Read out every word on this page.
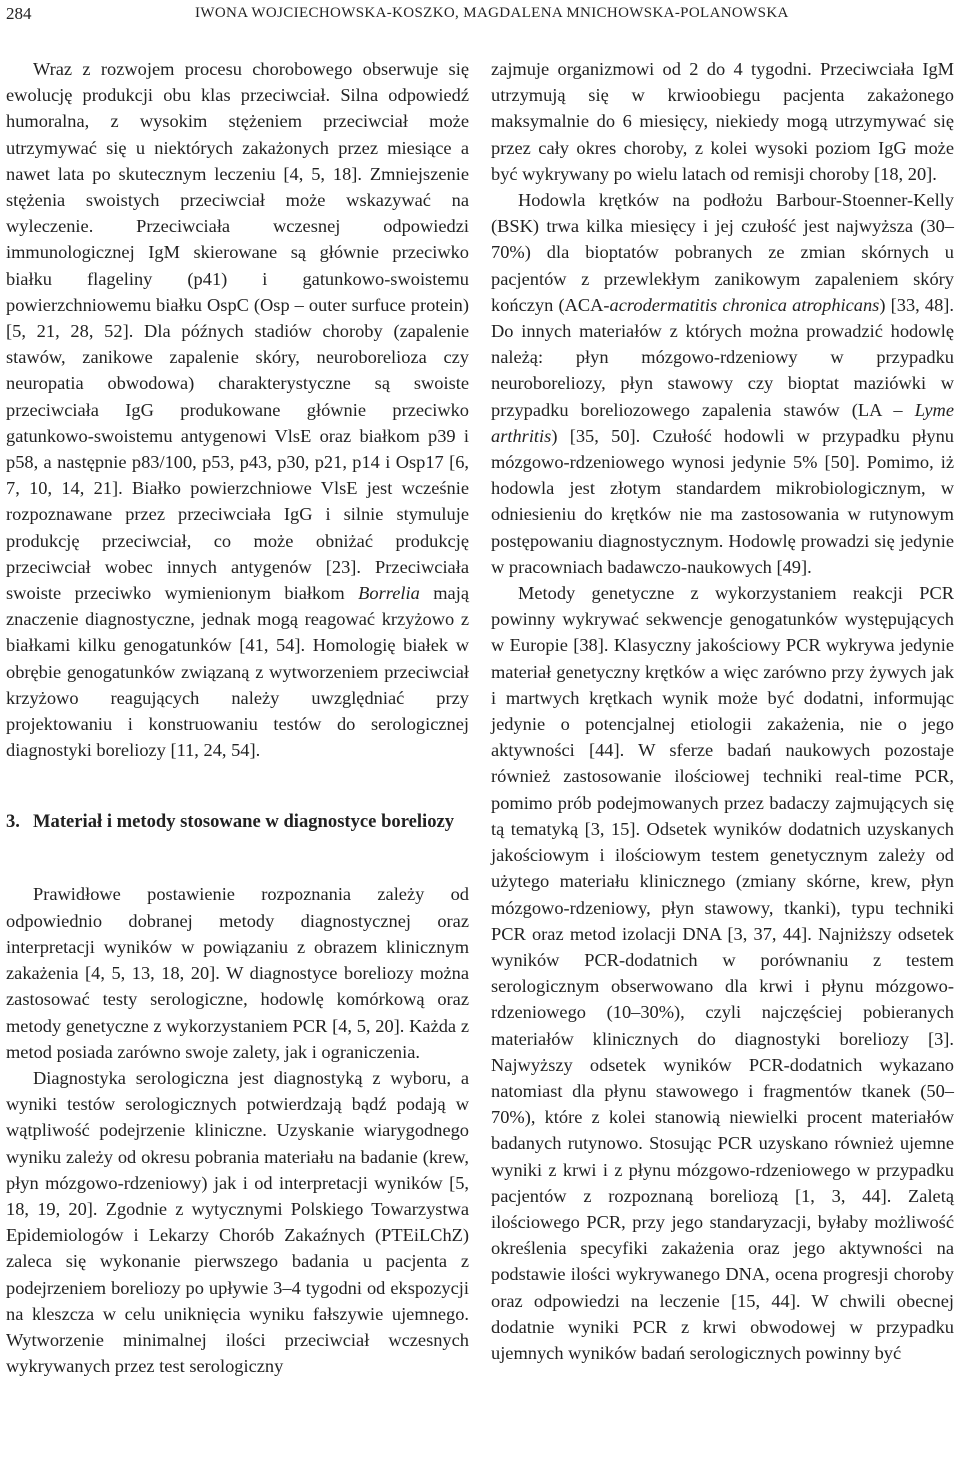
284	IWONA WOJCIECHOWSKA-KOSZKO, MAGDALENA MNICHOWSKA-POLANOWSKA

Wraz z rozwojem procesu chorobowego obserwuje się ewolucję produkcji obu klas przeciwciał. Silna odpowiedź humoralna, z wysokim stężeniem przeciwciał może utrzymywać się u niektórych zakażonych przez miesiące a nawet lata po skutecznym leczeniu [4, 5, 18]. Zmniejszenie stężenia swoistych przeciwciał może wskazywać na wyleczenie. Przeciwciała wczesnej odpowiedzi immunologicznej IgM skierowane są głównie przeciwko białku flageliny (p41) i gatunkowo-swoistemu powierzchniowemu białku OspC (Osp – outer surfuce protein) [5, 21, 28, 52]. Dla późnych stadiów choroby (zapalenie stawów, zanikowe zapalenie skóry, neuroborelioza czy neuropatia obwodowa) charakterystyczne są swoiste przeciwciała IgG produkowane głównie przeciwko gatunkowo-swoistemu antygenowi VlsE oraz białkom p39 i p58, a następnie p83/100, p53, p43, p30, p21, p14 i Osp17 [6, 7, 10, 14, 21]. Białko powierzchniowe VlsE jest wcześnie rozpoznawane przez przeciwciała IgG i silnie stymuluje produkcję przeciwciał, co może obniżać produkcję przeciwciał wobec innych antygenów [23]. Przeciwciała swoiste przeciwko wymienionym białkom Borrelia mają znaczenie diagnostyczne, jednak mogą reagować krzyżowo z białkami kilku genogatunków [41, 54]. Homologię białek w obrębie genogatunków związaną z wytworzeniem przeciwciał krzyżowo reagujących należy uwzględniać przy projektowaniu i konstruowaniu testów do serologicznej diagnostyki boreliozy [11, 24, 54].

3. Materiał i metody stosowane w diagnostyce boreliozy

Prawidłowe postawienie rozpoznania zależy od odpowiednio dobranej metody diagnostycznej oraz interpretacji wyników w powiązaniu z obrazem klinicznym zakażenia [4, 5, 13, 18, 20]. W diagnostyce boreliozy można zastosować testy serologiczne, hodowlę komórkową oraz metody genetyczne z wykorzystaniem PCR [4, 5, 20]. Każda z metod posiada zarówno swoje zalety, jak i ograniczenia.

Diagnostyka serologiczna jest diagnostyką z wyboru, a wyniki testów serologicznych potwierdzają bądź podają w wątpliwość podejrzenie kliniczne. Uzyskanie wiarygodnego wyniku zależy od okresu pobrania materiału na badanie (krew, płyn mózgowo-rdzeniowy) jak i od interpretacji wyników [5, 18, 19, 20]. Zgodnie z wytycznymi Polskiego Towarzystwa Epidemiologów i Lekarzy Chorób Zakaźnych (PTEiLChZ) zaleca się wykonanie pierwszego badania u pacjenta z podejrzeniem boreliozy po upływie 3–4 tygodni od ekspozycji na kleszcza w celu uniknięcia wyniku fałszywie ujemnego. Wytworzenie minimalnej ilości przeciwciał wczesnych wykrywanych przez test serologiczny

zajmuje organizmowi od 2 do 4 tygodni. Przeciwciała IgM utrzymują się w krwioobiegu pacjenta zakażonego maksymalnie do 6 miesięcy, niekiedy mogą utrzymywać się przez cały okres choroby, z kolei wysoki poziom IgG może być wykrywany po wielu latach od remisji choroby [18, 20].

Hodowla krętków na podłożu Barbour-Stoenner-Kelly (BSK) trwa kilka miesięcy i jej czułość jest najwyższa (30–70%) dla bioptatów pobranych ze zmian skórnych u pacjentów z przewlekłym zanikowym zapaleniem skóry kończyn (ACA-acrodermatitis chronica atrophicans) [33, 48]. Do innych materiałów z których można prowadzić hodowlę należą: płyn mózgowo-rdzeniowy w przypadku neuroboreliozy, płyn stawowy czy bioptat maziówki w przypadku boreliozowego zapalenia stawów (LA – Lyme arthritis) [35, 50]. Czułość hodowli w przypadku płynu mózgowo-rdzeniowego wynosi jedynie 5% [50]. Pomimo, iż hodowla jest złotym standardem mikrobiologicznym, w odniesieniu do krętków nie ma zastosowania w rutynowym postępowaniu diagnostycznym. Hodowlę prowadzi się jedynie w pracowniach badawczo-naukowych [49].

Metody genetyczne z wykorzystaniem reakcji PCR powinny wykrywać sekwencje genogatunków występujących w Europie [38]. Klasyczny jakościowy PCR wykrywa jedynie materiał genetyczny krętków a więc zarówno przy żywych jak i martwych krętkach wynik może być dodatni, informując jedynie o potencjalnej etiologii zakażenia, nie o jego aktywności [44]. W sferze badań naukowych pozostaje również zastosowanie ilościowej techniki real-time PCR, pomimo prób podejmowanych przez badaczy zajmujących się tą tematyką [3, 15]. Odsetek wyników dodatnich uzyskanych jakościowym i ilościowym testem genetycznym zależy od użytego materiału klinicznego (zmiany skórne, krew, płyn mózgowo-rdzeniowy, płyn stawowy, tkanki), typu techniki PCR oraz metod izolacji DNA [3, 37, 44]. Najniższy odsetek wyników PCR-dodatnich w porównaniu z testem serologicznym obserwowano dla krwi i płynu mózgowo-rdzeniowego (10–30%), czyli najczęściej pobieranych materiałów klinicznych do diagnostyki boreliozy [3]. Najwyższy odsetek wyników PCR-dodatnich wykazano natomiast dla płynu stawowego i fragmentów tkanek (50–70%), które z kolei stanowią niewielki procent materiałów badanych rutynowo. Stosując PCR uzyskano również ujemne wyniki z krwi i z płynu mózgowo-rdzeniowego w przypadku pacjentów z rozpoznaną boreliozą [1, 3, 44]. Zaletą ilościowego PCR, przy jego standaryzacji, byłaby możliwość określenia specyfiki zakażenia oraz jego aktywności na podstawie ilości wykrywanego DNA, ocena progresji choroby oraz odpowiedzi na leczenie [15, 44]. W chwili obecnej dodatnie wyniki PCR z krwi obwodowej w przypadku ujemnych wyników badań serologicznych powinny być
